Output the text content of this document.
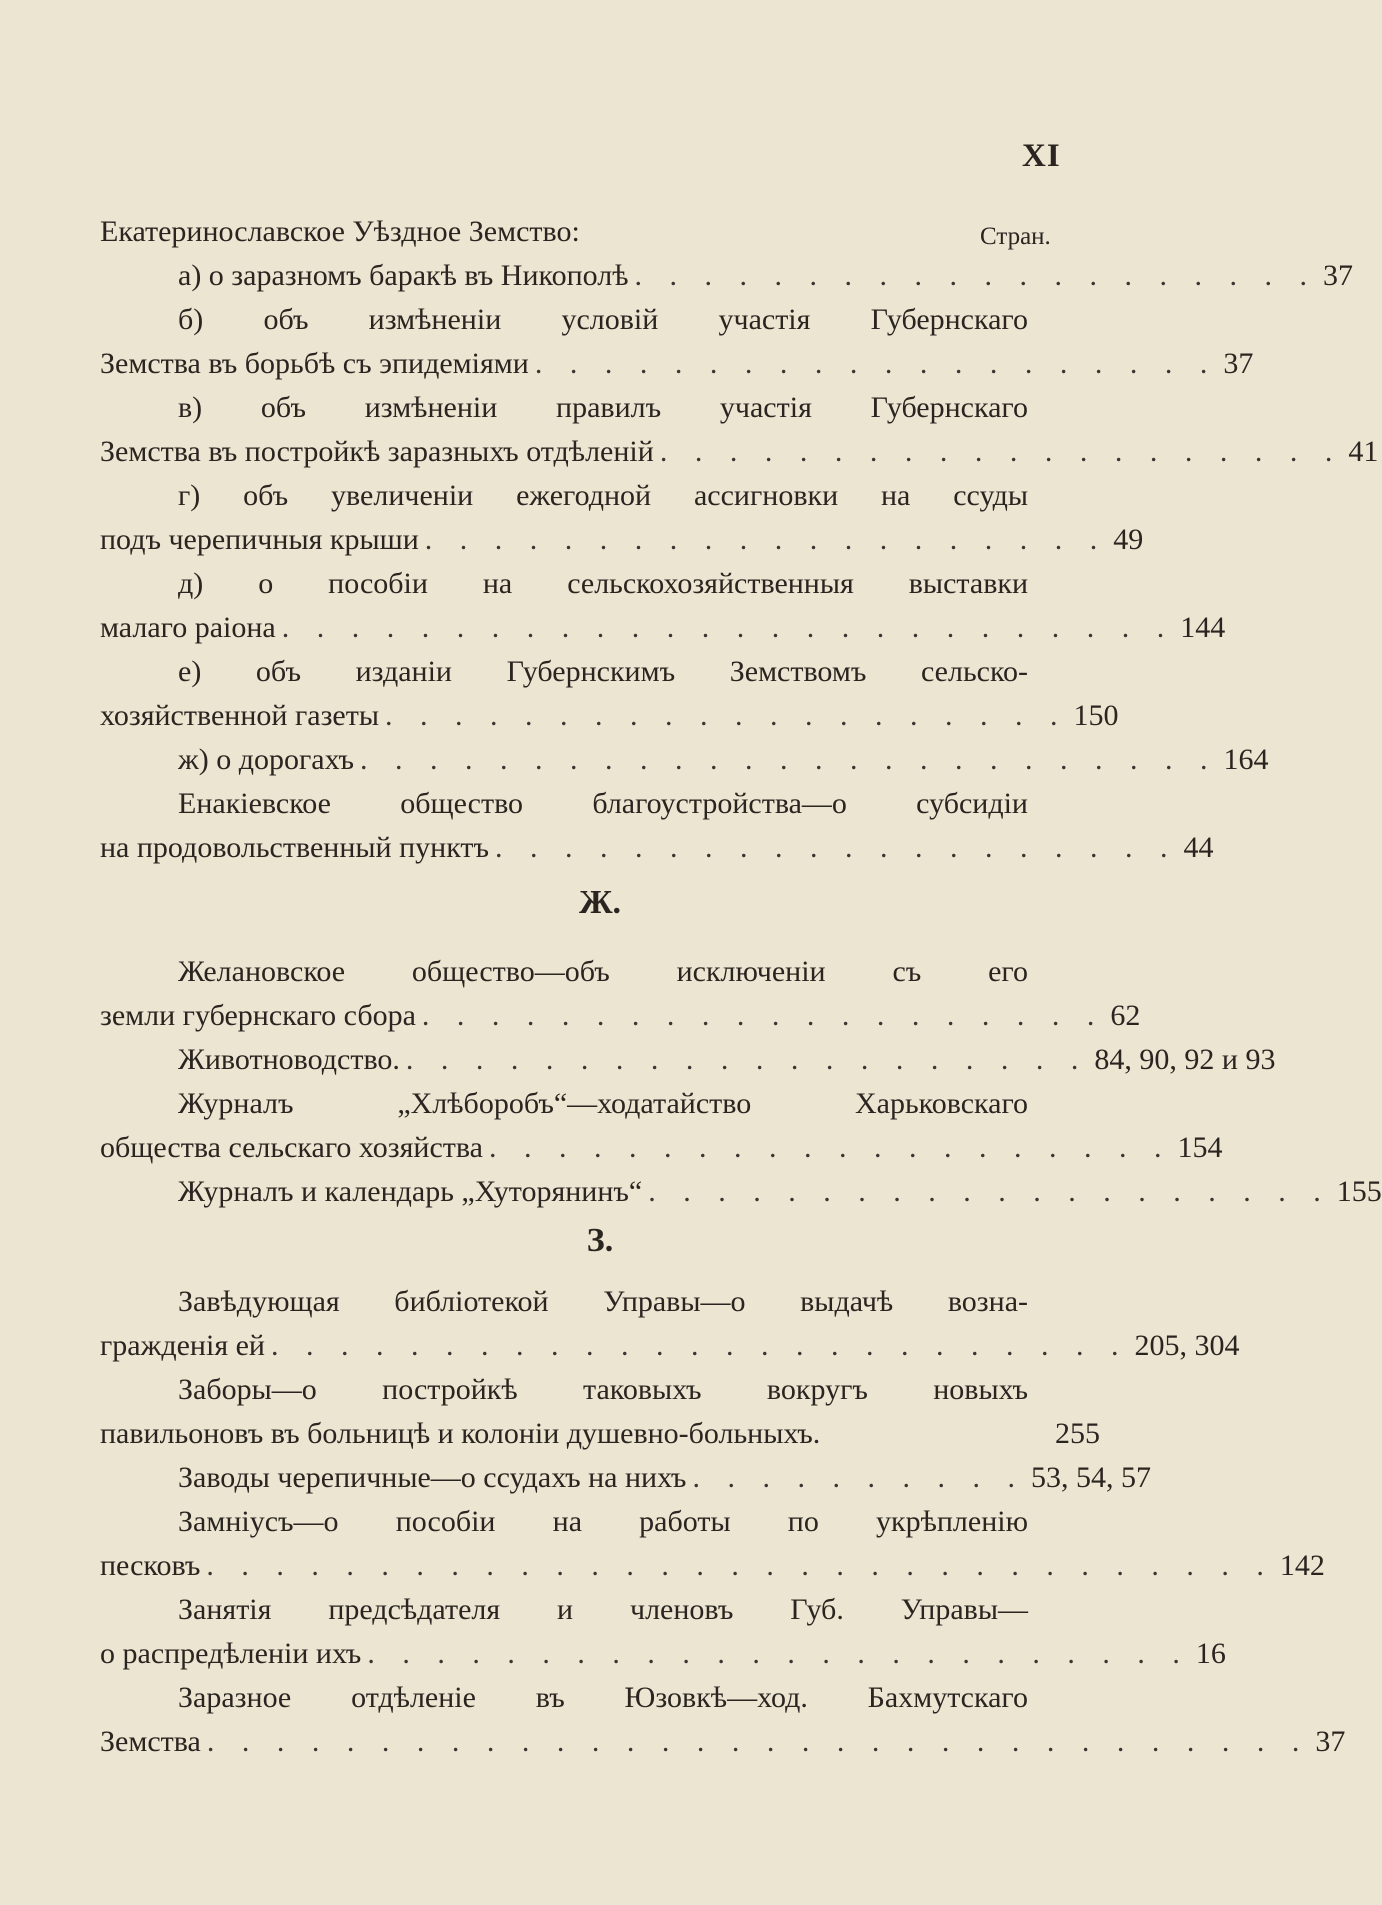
XI
Стран.
Екатеринославское Уѣздное Земство:
а) о заразномъ баракѣ въ Никополѣ . . . . . . . . . . . . . . . . . . . . 37
б) объ измѣненіи условій участія Губернскаго
Земства въ борьбѣ съ эпидеміями . . . . . . . . . . . . . . . . . . . . 37
в) объ измѣненіи правилъ участія Губернскаго
Земства въ постройкѣ заразныхъ отдѣленій . . . . . . . . . . . . . . . . . . . . 41
г) объ увеличеніи ежегодной ассигновки на ссуды
подъ черепичныя крыши . . . . . . . . . . . . . . . . . . . . 49
д) о пособіи на сельскохозяйственныя выставки
малаго раіона . . . . . . . . . . . . . . . . . . . . . . . . . . 144
е) объ изданіи Губернскимъ Земствомъ сельско-
хозяйственной газеты . . . . . . . . . . . . . . . . . . . . 150
ж) о дорогахъ . . . . . . . . . . . . . . . . . . . . . . . . . 164
Енакіевское общество благоустройства—о субсидіи
на продовольственный пунктъ . . . . . . . . . . . . . . . . . . . . 44
Ж.
Желановское общество—объ исключеніи съ его
земли губернскаго сбора . . . . . . . . . . . . . . . . . . . . 62
Животноводство. . . . . . . . . . . . . . . . . . . . . 84, 90, 92 и 93
Журналъ „Хлѣборобъ“—ходатайство Харьковскаго
общества сельскаго хозяйства . . . . . . . . . . . . . . . . . . . . 154
Журналъ и календарь „Хуторянинъ“ . . . . . . . . . . . . . . . . . . . . 155
З.
Завѣдующая библіотекой Управы—о выдачѣ возна-
гражденія ей . . . . . . . . . . . . . . . . . . . . . . . . . 205, 304
Заборы—о постройкѣ таковыхъ вокругъ новыхъ
павильоновъ въ больницѣ и колоніи душевно-больныхъ.	255
Заводы черепичные—о ссудахъ на нихъ . . . . . . . . . . 53, 54, 57
Замніусъ—о пособіи на работы по укрѣпленію
песковъ . . . . . . . . . . . . . . . . . . . . . . . . . . . . . . . 142
Занятія предсѣдателя и членовъ Губ. Управы—
о распредѣленіи ихъ . . . . . . . . . . . . . . . . . . . . . . . . 16
Заразное отдѣленіе въ Юзовкѣ—ход. Бахмутскаго
Земства . . . . . . . . . . . . . . . . . . . . . . . . . . . . . . . . 37
